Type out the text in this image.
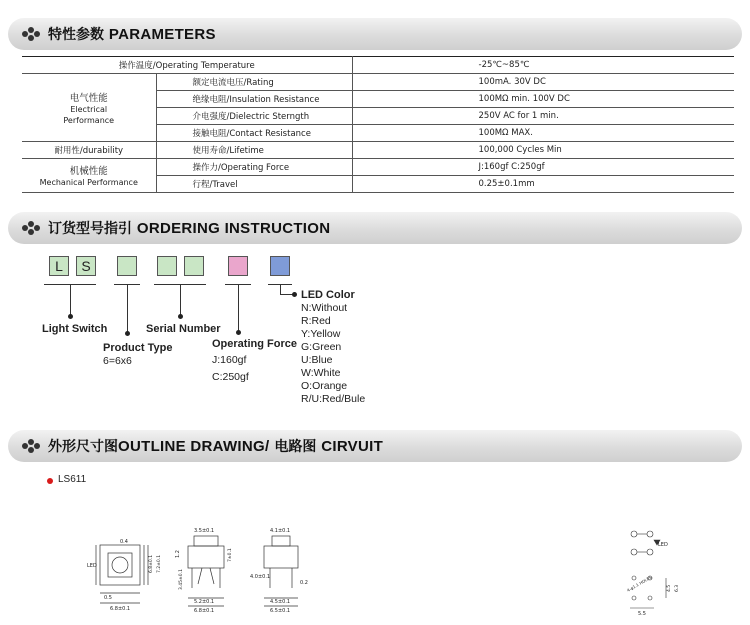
特性参数 PARAMETERS
操作温度/Operating Temperature		-25℃~85℃

电气性能
Electrical
Performance	额定电流电压/Rating	100mA. 30V DC
	绝缘电阻/Insulation Resistance	100MΩ min. 100V DC
	介电强度/Dielectric Sterngth	250V AC for 1 min.
	接触电阻/Contact Resistance	100MΩ MAX.
耐用性/durability	使用寿命/Lifetime	100,000 Cycles Min

机械性能
Mechanical Performance	操作力/Operating Force	J:160gf C:250gf
	行程/Travel	0.25±0.1mm
订货型号指引 ORDERING INSTRUCTION
L	S
Light Switch
Product Type
6=6x6
Serial Number
Operating Force
J:160gf
C:250gf
LED Color
N:Without
R:Red
Y:Yellow
G:Green
U:Blue
W:White
O:Orange
R/U:Red/Bule
外形尺寸图OUTLINE DRAWING/ 电路图 CIRVUIT
LS611
0.4
LED	6.8±0.1 7.2±0.1
0.5
6.8±0.1
3.5±0.1
1.2	7±0.1
3.45±0.1
5.2±0.1
6.8±0.1
4.1±0.1
4.0±0.1
0.2
4.5±0.1
6.5±0.1
LED
4-φ1.1 HOLES	4.5 6.3
5.5
